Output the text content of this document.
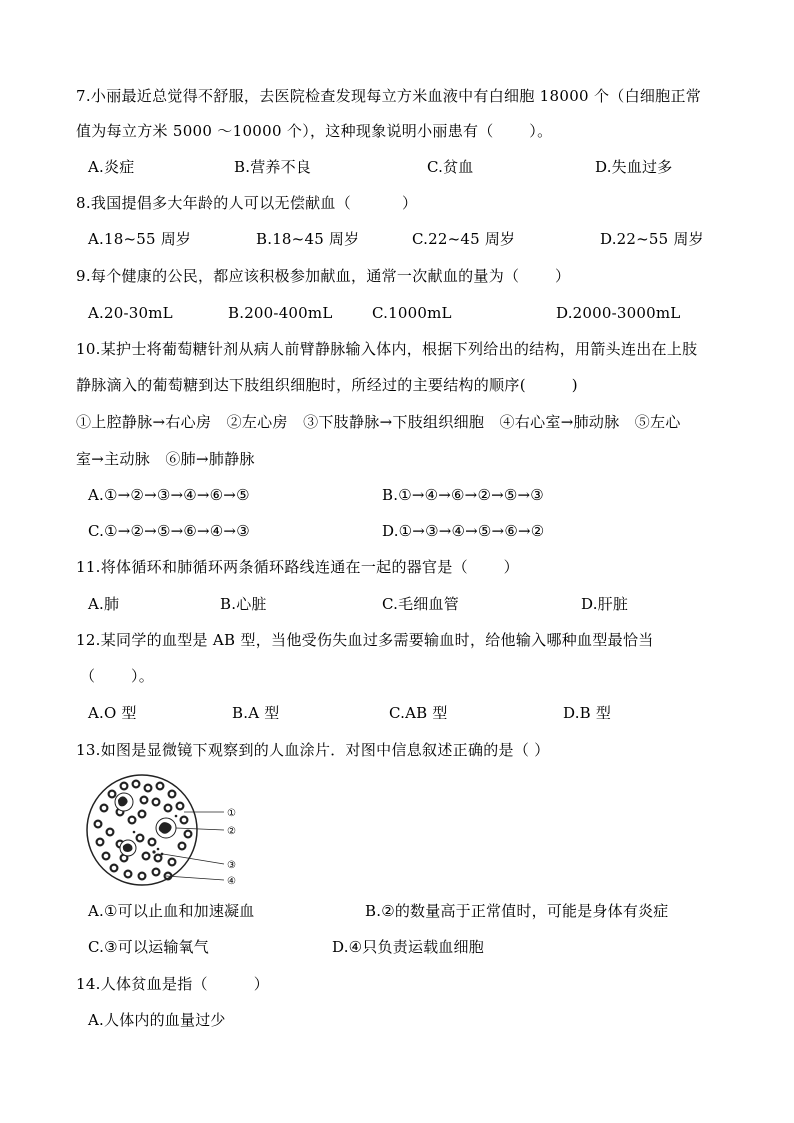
7.小丽最近总觉得不舒服，去医院检查发现每立方米血液中有白细胞 18000 个（白细胞正常
值为每立方米 5000 ～10000 个），这种现象说明小丽患有（　　 ）。
A.炎症	B.营养不良	C.贫血	D.失血过多
8.我国提倡多大年龄的人可以无偿献血（　　　 ）
A.18~55 周岁	B.18~45 周岁	C.22~45 周岁	D.22~55 周岁
9.每个健康的公民，都应该积极参加献血，通常一次献血的量为（　　 ）
A.20-30mL	B.200-400mL	C.1000mL	D.2000-3000mL
10.某护士将葡萄糖针剂从病人前臂静脉输入体内，根据下列给出的结构，用箭头连出在上肢
静脉滴入的葡萄糖到达下肢组织细胞时，所经过的主要结构的顺序(　　　)
①上腔静脉→右心房　②左心房　③下肢静脉→下肢组织细胞　④右心室→肺动脉　⑤左心
室→主动脉　⑥肺→肺静脉
A.①→②→③→④→⑥→⑤	B.①→④→⑥→②→⑤→③
C.①→②→⑤→⑥→④→③	D.①→③→④→⑤→⑥→②
11.将体循环和肺循环两条循环路线连通在一起的器官是（　　 ）
A.肺	B.心脏	C.毛细血管	D.肝脏
12.某同学的血型是 AB 型，当他受伤失血过多需要输血时，给他输入哪种血型最恰当
（　　 ）。
A.O 型	B.A 型	C.AB 型	D.B 型
13.如图是显微镜下观察到的人血涂片．对图中信息叙述正确的是（ ）
①
②
③
④
A.①可以止血和加速凝血	B.②的数量高于正常值时，可能是身体有炎症
C.③可以运输氧气	D.④只负责运载血细胞
14.人体贫血是指（　　　）
A.人体内的血量过少
